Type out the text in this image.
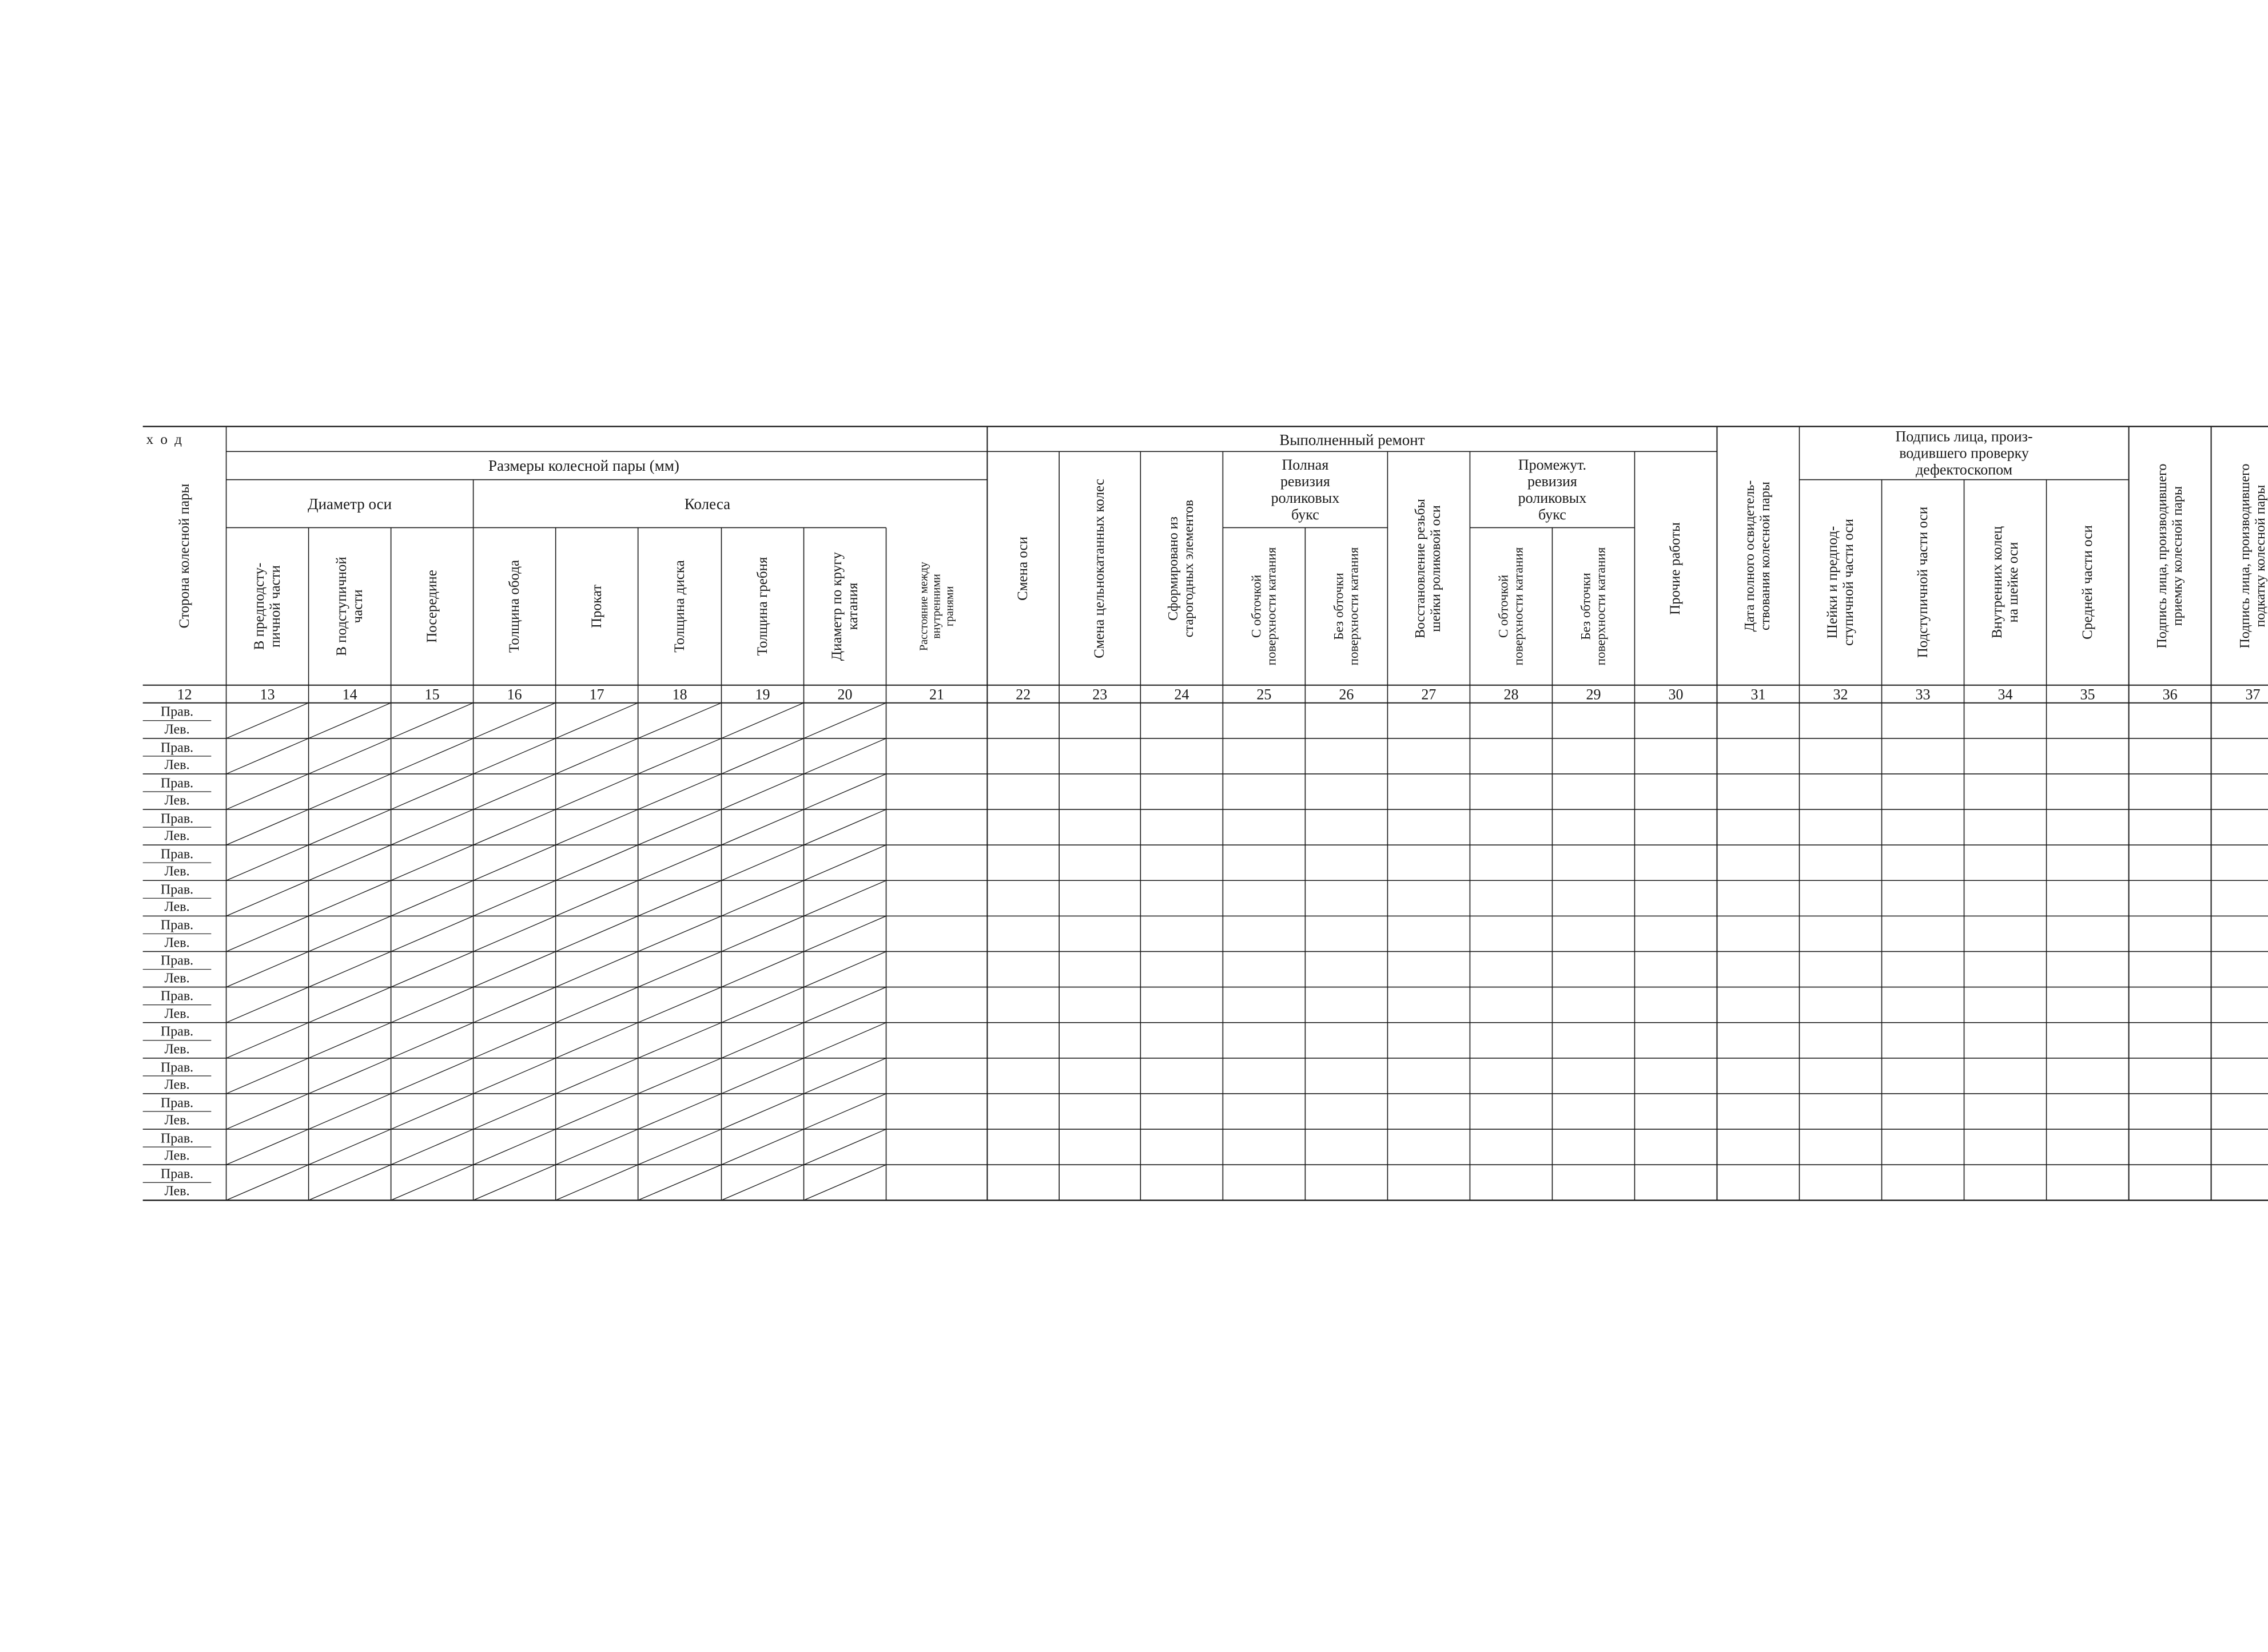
х о д
Размеры колесной пары (мм)
Диаметр оси	Колеса
Выполненный ремонт
Полная
ревизия
роликовых
букс
Промежут.
ревизия
роликовых
букс
Подпись лица, произ-
водившего проверку
дефектоскопом
Сторона колесной пары
12
В предподсту-
пичной части
13
В подступичной
части
14
Посередине
15
Толщина обода
16
Прокат
17
Толщина диска
18
Толщина гребня
19
Диаметр по кругу
катания
20
Расстояние между
внутренними
гранями
21
Смена оси
22
Смена цельнокатанных колес
23
Сформировано из
старогодных элементов
24
С обточкой
поверхности катания
25
Без обточки
поверхности катания
26
Восстановление резьбы
шейки роликовой оси
27
С обточкой
поверхности катания
28
Без обточки
поверхности катания
29
Прочие работы
30
Дата полного освидетель-
ствования колесной пары
31
Шейки и предпод-
ступичной части оси
32
Подступичной части оси
33
Внутренних колец
на шейке оси
34
Средней части оси
35
Подпись лица, производившего
приемку колесной пары
36
Подпись лица, производившего
подкатку колесной пары
37
Прав.
Лев.
Прав.
Лев.
Прав.
Лев.
Прав.
Лев.
Прав.
Лев.
Прав.
Лев.
Прав.
Лев.
Прав.
Лев.
Прав.
Лев.
Прав.
Лев.
Прав.
Лев.
Прав.
Лев.
Прав.
Лев.
Прав.
Лев.
